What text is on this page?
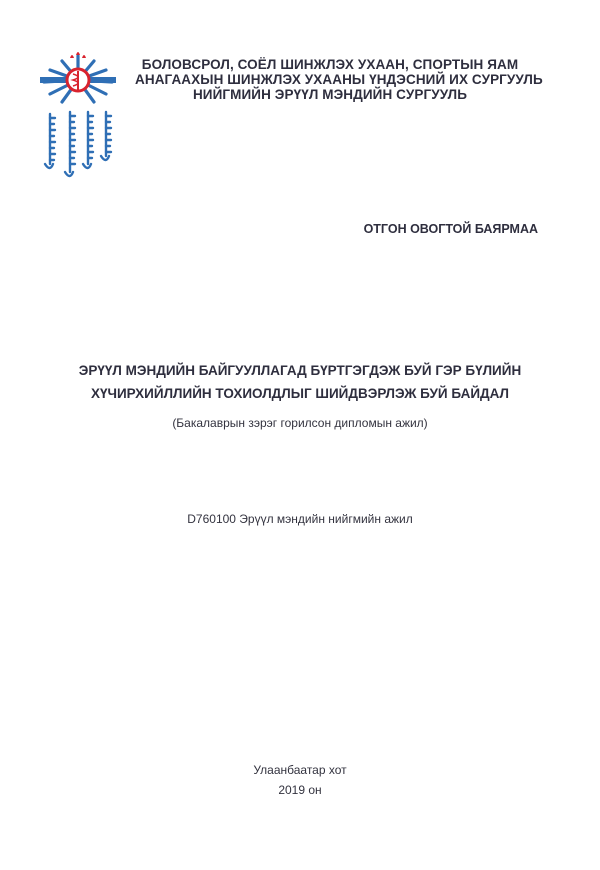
БОЛОВСРОЛ, СОЁЛ ШИНЖЛЭХ УХААН, СПОРТЫН ЯАМ
АНАГААХЫН ШИНЖЛЭХ УХААНЫ ҮНДЭСНИЙ ИХ СУРГУУЛЬ
НИЙГМИЙН ЭРҮҮЛ МЭНДИЙН СУРГУУЛЬ
ОТГОН ОВОГТОЙ БАЯРМАА
ЭРҮҮЛ МЭНДИЙН БАЙГУУЛЛАГАД БҮРТГЭГДЭЖ БУЙ ГЭР БҮЛИЙН
ХҮЧИРХИЙЛЛИЙН ТОХИОЛДЛЫГ ШИЙДВЭРЛЭЖ БУЙ БАЙДАЛ
(Бакалаврын зэрэг горилсон дипломын ажил)
D760100 Эрүүл мэндийн нийгмийн ажил
Улаанбаатар хот
2019 он
